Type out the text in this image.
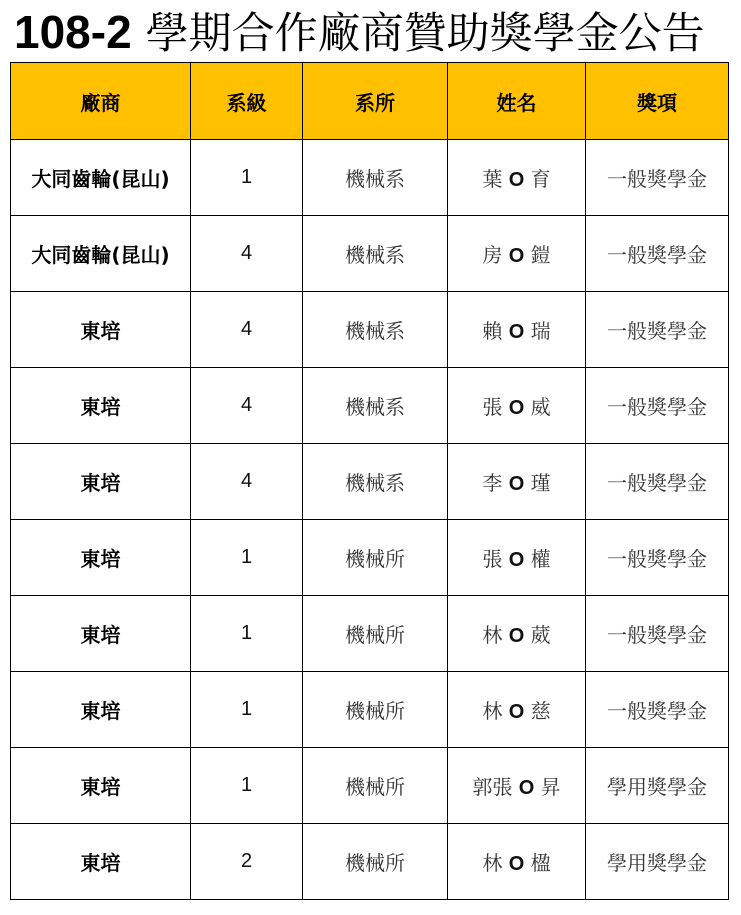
108-2 學期合作廠商贊助獎學金公告
廠商	系級	系所	姓名	獎項
大同齒輪(昆山)	1	機械系	葉 O 育	一般獎學金
大同齒輪(昆山)	4	機械系	房 O 鎧	一般獎學金
東培	4	機械系	賴 O 瑞	一般獎學金
東培	4	機械系	張 O 威	一般獎學金
東培	4	機械系	李 O 瑾	一般獎學金
東培	1	機械所	張 O 權	一般獎學金
東培	1	機械所	林 O 葳	一般獎學金
東培	1	機械所	林 O 慈	一般獎學金
東培	1	機械所	郭張 O 昇	學用獎學金
東培	2	機械所	林 O 楹	學用獎學金
